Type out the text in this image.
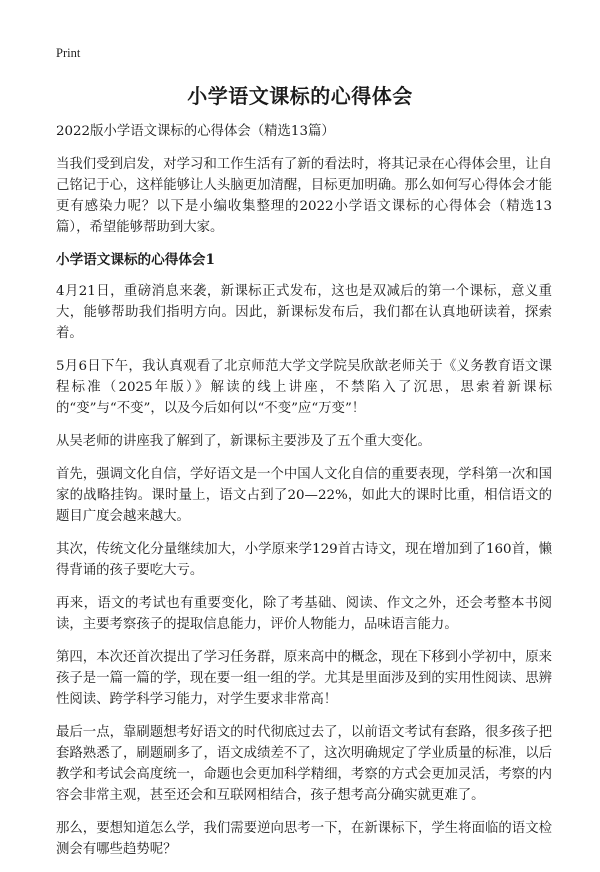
Print
小学语文课标的心得体会

2022版小学语文课标的心得体会（精选13篇）

当我们受到启发，对学习和工作生活有了新的看法时，将其记录在心得体会里，让自己铭记于心，这样能够让人头脑更加清醒，目标更加明确。那么如何写心得体会才能更有感染力呢？以下是小编收集整理的2022小学语文课标的心得体会（精选13篇），希望能够帮助到大家。

小学语文课标的心得体会1

4月21日，重磅消息来袭，新课标正式发布，这也是双减后的第一个课标，意义重大，能够帮助我们指明方向。因此，新课标发布后，我们都在认真地研读着，探索着。

5月6日下午，我认真观看了北京师范大学文学院吴欣歆老师关于《义务教育语文课程标准（2025年版）》解读的线上讲座，不禁陷入了沉思，思索着新课标的“变”与“不变”，以及今后如何以“不变”应“万变”！

从吴老师的讲座我了解到了，新课标主要涉及了五个重大变化。

首先，强调文化自信，学好语文是一个中国人文化自信的重要表现，学科第一次和国家的战略挂钩。课时量上，语文占到了20—22%，如此大的课时比重，相信语文的题目广度会越来越大。

其次，传统文化分量继续加大，小学原来学129首古诗文，现在增加到了160首，懒得背诵的孩子要吃大亏。

再来，语文的考试也有重要变化，除了考基础、阅读、作文之外，还会考整本书阅读，主要考察孩子的提取信息能力，评价人物能力，品味语言能力。

第四，本次还首次提出了学习任务群，原来高中的概念，现在下移到小学初中，原来孩子是一篇一篇的学，现在要一组一组的学。尤其是里面涉及到的实用性阅读、思辨性阅读、跨学科学习能力，对学生要求非常高！

最后一点，靠刷题想考好语文的时代彻底过去了，以前语文考试有套路，很多孩子把套路熟悉了，刷题刷多了，语文成绩差不了，这次明确规定了学业质量的标准，以后教学和考试会高度统一，命题也会更加科学精细，考察的方式会更加灵活，考察的内容会非常主观，甚至还会和互联网相结合，孩子想考高分确实就更难了。

那么，要想知道怎么学，我们需要逆向思考一下，在新课标下，学生将面临的语文检测会有哪些趋势呢？
